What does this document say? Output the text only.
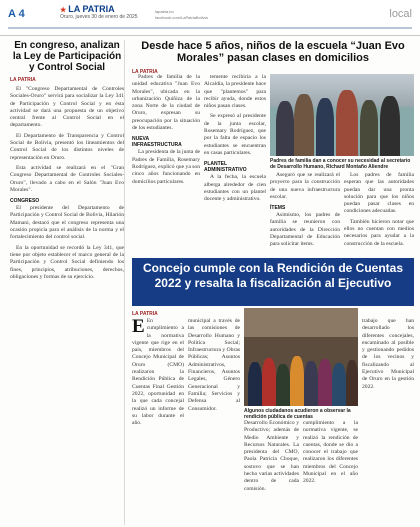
A 4	★ LA PATRIA
Oruro, jueves 30 de enero de 2025
lapatria.bo facebook.com/LaPatriaBolivia	local
En congreso, analizan la Ley de Participación y Control Social
LA PATRIA

El "Congreso Departamental de Controles Sociales-Oruro" servirá para socializar la Ley 341 de Participación y Control Social y en ésta actividad se dará una propuesta de un objetivo central frente al Control Social en el departamento.

El Departamento de Transparencia y Control Social de Bolivia, presentó los lineamientos del Control Social de los distintos niveles de representación en Oruro.

Esta actividad se realizará en el "Gran Congreso Departamental de Controles Sociales-Oruro", llevado a cabo en el Salón "Juan Evo Morales".

CONGRESO

El presidente del Departamento de Participación y Control Social de Bolivia, Hilarión Mamani, destacó que el congreso representa una ocasión propicia para el análisis de la norma y el fortalecimiento del control social.

En la oportunidad se recordó la Ley 341, que tiene por objeto establecer el marco general de la Participación y Control Social definiendo los fines, principios, atribuciones, derechos, obligaciones y formas de su ejercicio.

Desde hace 5 años, niños de la escuela “Juan Evo Morales” pasan clases en domicilios
LA PATRIA

Padres de familia de la unidad educativa "Juan Evo Morales", ubicada en la urbanización Quiñiza de la zona Norte de la ciudad de Oruro, expresan su preocupación por la situación de los estudiantes.

NUEVA INFRAESTRUCTURA

La presidenta de la junta de Padres de Familia, Rosemary Rodríguez, explicó que ya son cinco años funcionando en domicilios particulares.

temente recibiría a la Alcaldía, la presidente hace que "plantemos" para recibir ayuda, donde estos niños pasan clases.

Se expresó al presidente de la junta escolar, Rosemary Rodríguez, que por la falta de espacio los estudiantes se encuentran en casas particulares.

PLANTEL ADMINISTRATIVO

A la fecha, la escuela alberga alrededor de cien estudiantes con un plantel docente y administrativo.

Padres de familia dan a conocer su necesidad al secretario de Desarrollo Humano, Richard Montaño Aliendre

Aseguró que se realizará el proyecto para la construcción de una nueva infraestructura escolar.

ÍTEMS

Asimismo, los padres de familia se reunieron con autoridades de la Dirección Departamental de Educación para solicitar ítems.

Los padres de familia esperan que las autoridades puedan dar una pronta solución para que los niños puedan pasar clases en condiciones adecuadas.

También hicieron notar que ellos no cuentan con medios necesarios para ayudar a la construcción de la escuela.

Concejo cumple con la Rendición de Cuentas 2022 y resalta la fiscalización al Ejecutivo
LA PATRIA
E En cumplimiento a la normativa vigente que rige en el país, miembros del Concejo Municipal de Oruro (CMO) realizaron la Rendición Pública de Cuentas Final Gestión 2022, oportunidad en la que cada concejal realizó un informe de su labor durante el año.
municipal a través de las comisiones de Desarrollo Humano y Política Social; Infraestructura y Obras Públicas; Asuntos Administrativos, Financieros, Asuntos Legales, Género Generacional y Familia; Servicios y Defensa al Consumidor.	Algunos ciudadanos acudieron a observar la rendición pública de cuentas
Desarrollo Económico y Productivo; además de Medio Ambiente y Recursos Naturales. La presidenta del CMO, Paola Patricia Choque, sostuvo que se han hecho varias actividades dentro de cada comisión.
cumplimiento a la normativa vigente, se realizó la rendición de cuentas, donde se dio a conocer el trabajo que realizaron los diferentes miembros del Concejo Municipal en el año 2022.
trabajo que han desarrollado los diferentes concejales, encaminado al posible y gestionando pedidos de los vecinos y fiscalizando al Ejecutivo Municipal de Oruro en la gestión 2022.
